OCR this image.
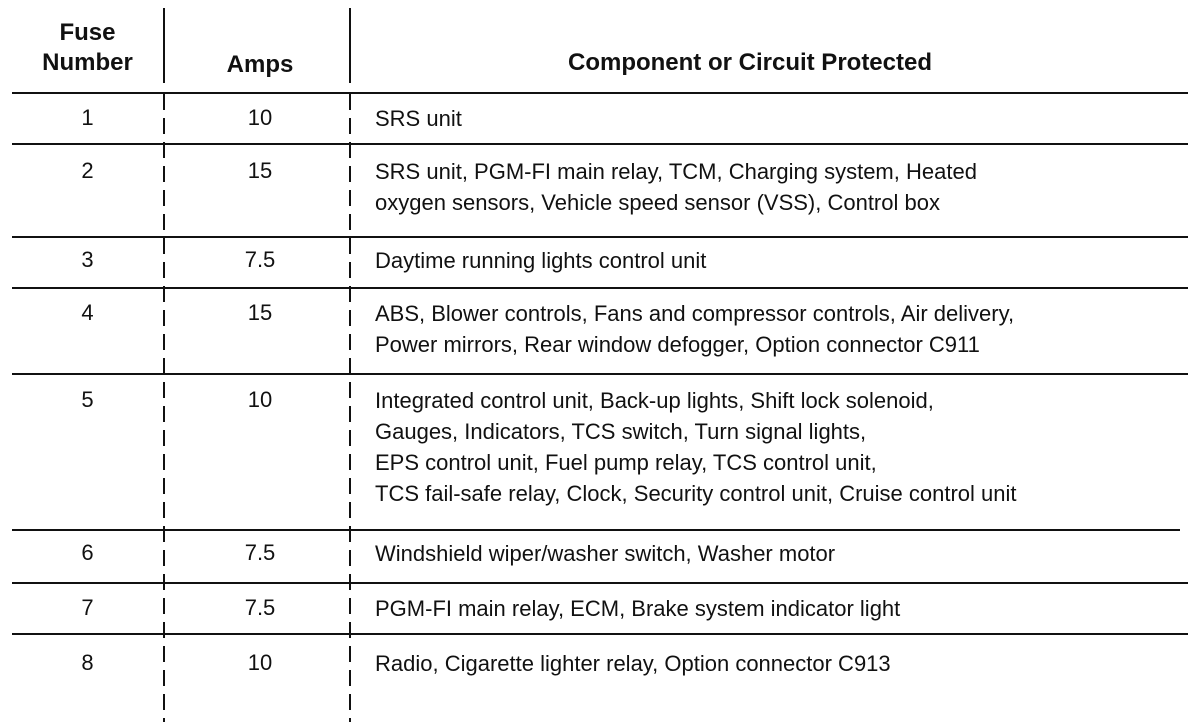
Fuse
Number	Amps	Component or Circuit Protected
1	10	SRS unit
2	15	SRS unit, PGM-FI main relay, TCM, Charging system, Heated
oxygen sensors, Vehicle speed sensor (VSS), Control box
3	7.5	Daytime running lights control unit
4	15	ABS, Blower controls, Fans and compressor controls, Air delivery,
Power mirrors, Rear window defogger, Option connector C911
5	10	Integrated control unit, Back-up lights, Shift lock solenoid,
Gauges, Indicators, TCS switch, Turn signal lights,
EPS control unit, Fuel pump relay, TCS control unit,
TCS fail-safe relay, Clock, Security control unit, Cruise control unit
6	7.5	Windshield wiper/washer switch, Washer motor
7	7.5	PGM-FI main relay, ECM, Brake system indicator light
8	10	Radio, Cigarette lighter relay, Option connector C913
